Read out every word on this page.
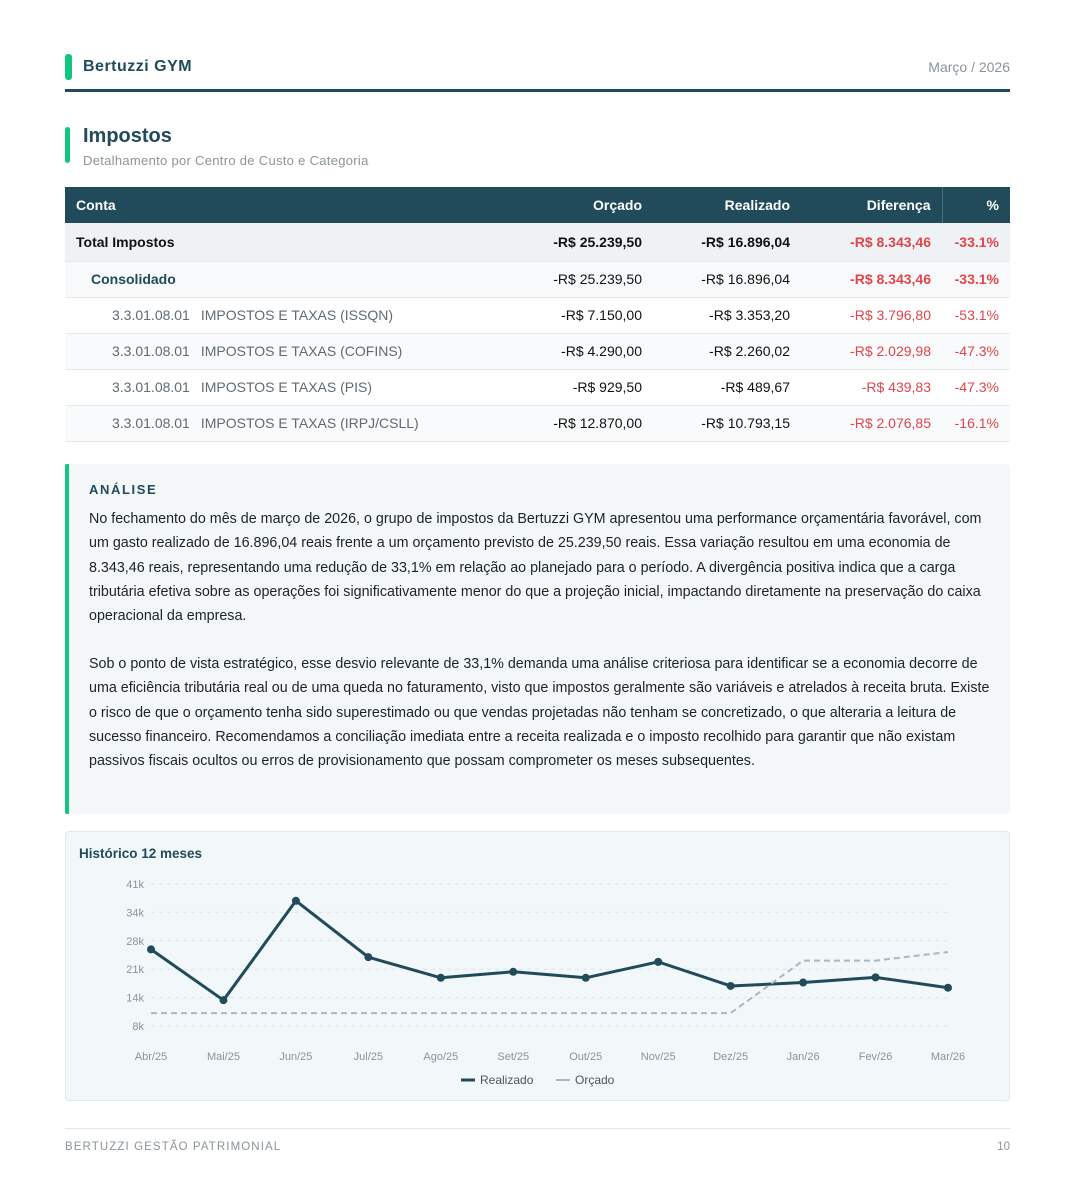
Bertuzzi GYM	Março / 2026
Impostos
Detalhamento por Centro de Custo e Categoria
Conta	Orçado	Realizado	Diferença	%
Total Impostos	-R$ 25.239,50	-R$ 16.896,04	-R$ 8.343,46	-33.1%
Consolidado	-R$ 25.239,50	-R$ 16.896,04	-R$ 8.343,46	-33.1%
3.3.01.08.01 IMPOSTOS E TAXAS (ISSQN)	-R$ 7.150,00	-R$ 3.353,20	-R$ 3.796,80	-53.1%
3.3.01.08.01 IMPOSTOS E TAXAS (COFINS)	-R$ 4.290,00	-R$ 2.260,02	-R$ 2.029,98	-47.3%
3.3.01.08.01 IMPOSTOS E TAXAS (PIS)	-R$ 929,50	-R$ 489,67	-R$ 439,83	-47.3%
3.3.01.08.01 IMPOSTOS E TAXAS (IRPJ/CSLL)	-R$ 12.870,00	-R$ 10.793,15	-R$ 2.076,85	-16.1%
ANÁLISE
No fechamento do mês de março de 2026, o grupo de impostos da Bertuzzi GYM apresentou uma performance orçamentária favorável, com um gasto realizado de 16.896,04 reais frente a um orçamento previsto de 25.239,50 reais. Essa variação resultou em uma economia de 8.343,46 reais, representando uma redução de 33,1% em relação ao planejado para o período. A divergência positiva indica que a carga tributária efetiva sobre as operações foi significativamente menor do que a projeção inicial, impactando diretamente na preservação do caixa operacional da empresa.
Sob o ponto de vista estratégico, esse desvio relevante de 33,1% demanda uma análise criteriosa para identificar se a economia decorre de uma eficiência tributária real ou de uma queda no faturamento, visto que impostos geralmente são variáveis e atrelados à receita bruta. Existe o risco de que o orçamento tenha sido superestimado ou que vendas projetadas não tenham se concretizado, o que alteraria a leitura de sucesso financeiro. Recomendamos a conciliação imediata entre a receita realizada e o imposto recolhido para garantir que não existam passivos fiscais ocultos ou erros de provisionamento que possam comprometer os meses subsequentes.
Histórico 12 meses
41k
34k
28k
21k
14k
8k
Abr/25	Mai/25	Jun/25	Jul/25	Ago/25	Set/25	Out/25	Nov/25	Dez/25	Jan/26	Fev/26	Mar/26
Realizado	Orçado
BERTUZZI GESTÃO PATRIMONIAL	10
